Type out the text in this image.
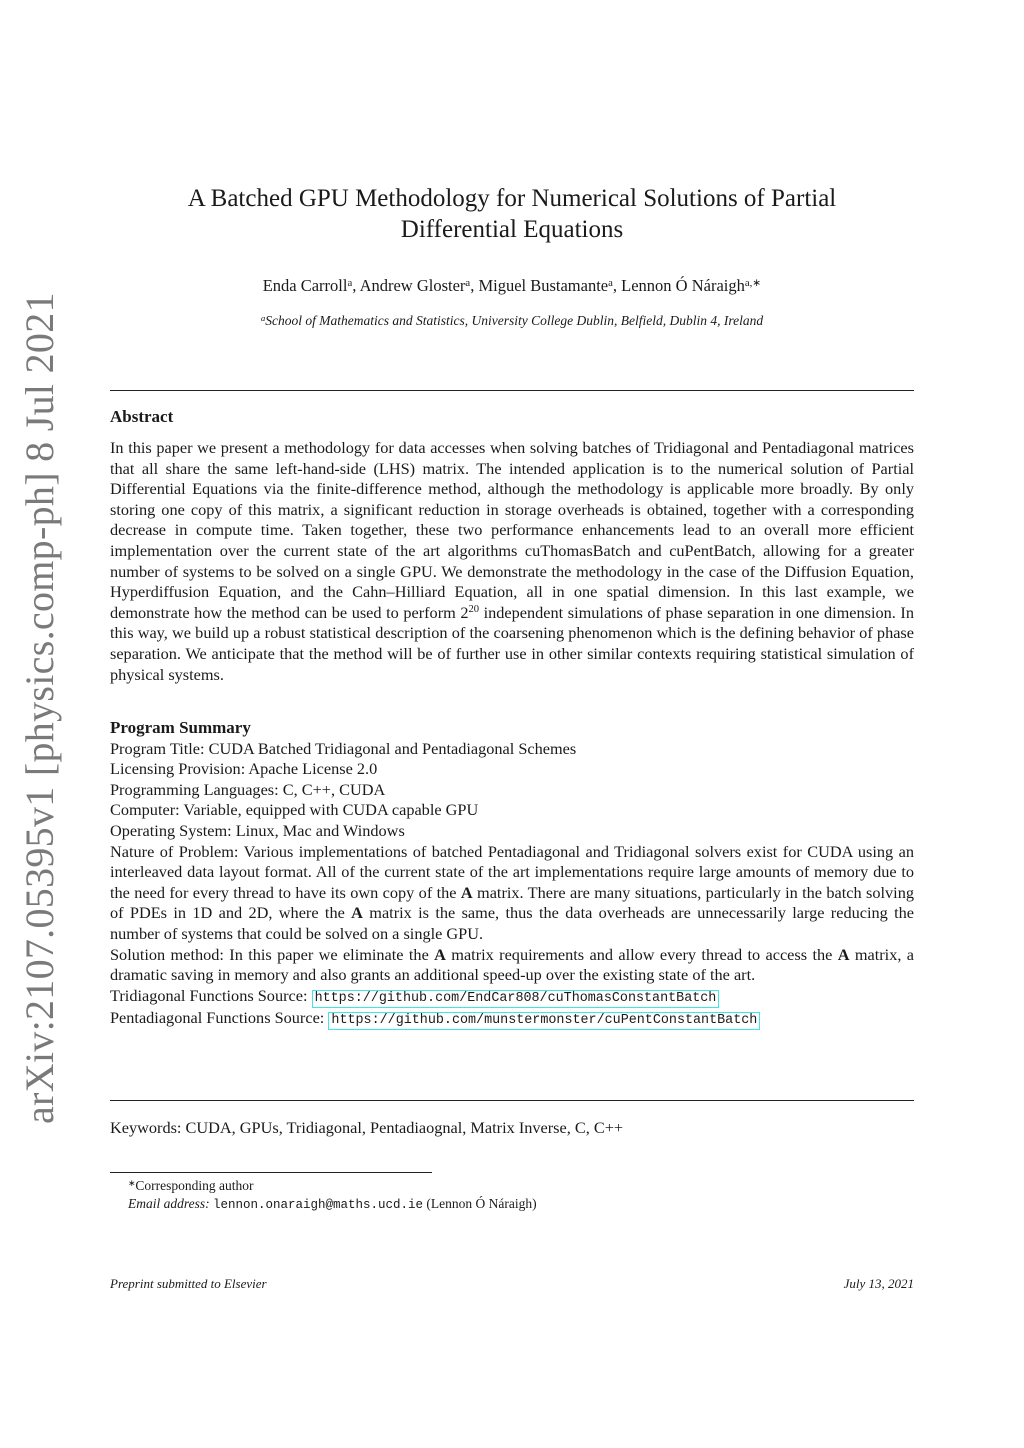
arXiv:2107.05395v1 [physics.comp-ph] 8 Jul 2021
A Batched GPU Methodology for Numerical Solutions of Partial
Differential Equations
Enda Carroll$^a$, Andrew Gloster$^a$, Miguel Bustamante$^a$, Lennon Ó Náraigh$^{a,∗}$
$^a$School of Mathematics and Statistics, University College Dublin, Belfield, Dublin 4, Ireland
Abstract
In this paper we present a methodology for data accesses when solving batches of Tridiagonal and Pentadiagonal matrices that all share the same left-hand-side (LHS) matrix. The intended application is to the numerical solution of Partial Differential Equations via the finite-difference method, although the methodology is applicable more broadly. By only storing one copy of this matrix, a significant reduction in storage overheads is obtained, together with a corresponding decrease in compute time. Taken together, these two performance enhancements lead to an overall more efficient implementation over the current state of the art algorithms cuThomasBatch and cuPentBatch, allowing for a greater number of systems to be solved on a single GPU. We demonstrate the methodology in the case of the Diffusion Equation, Hyperdiffusion Equation, and the Cahn–Hilliard Equation, all in one spatial dimension. In this last example, we demonstrate how the method can be used to perform $2^{20}$ independent simulations of phase separation in one dimension. In this way, we build up a robust statistical description of the coarsening phenomenon which is the defining behavior of phase separation. We anticipate that the method will be of further use in other similar contexts requiring statistical simulation of physical systems.
Program Summary
Program Title: CUDA Batched Tridiagonal and Pentadiagonal Schemes
Licensing Provision: Apache License 2.0
Programming Languages: C, C++, CUDA
Computer: Variable, equipped with CUDA capable GPU
Operating System: Linux, Mac and Windows
Nature of Problem: Various implementations of batched Pentadiagonal and Tridiagonal solvers exist for CUDA using an interleaved data layout format. All of the current state of the art implementations require large amounts of memory due to the need for every thread to have its own copy of the A matrix. There are many situations, particularly in the batch solving of PDEs in 1D and 2D, where the A matrix is the same, thus the data overheads are unnecessarily large reducing the number of systems that could be solved on a single GPU.
Solution method: In this paper we eliminate the A matrix requirements and allow every thread to access the A matrix, a dramatic saving in memory and also grants an additional speed-up over the existing state of the art.
Tridiagonal Functions Source: https://github.com/EndCar808/cuThomasConstantBatch
Pentadiagonal Functions Source: https://github.com/munstermonster/cuPentConstantBatch
Keywords: CUDA, GPUs, Tridiagonal, Pentadiaognal, Matrix Inverse, C, C++
∗Corresponding author
Email address: lennon.onaraigh@maths.ucd.ie (Lennon Ó Náraigh)
Preprint submitted to Elsevier	July 13, 2021
